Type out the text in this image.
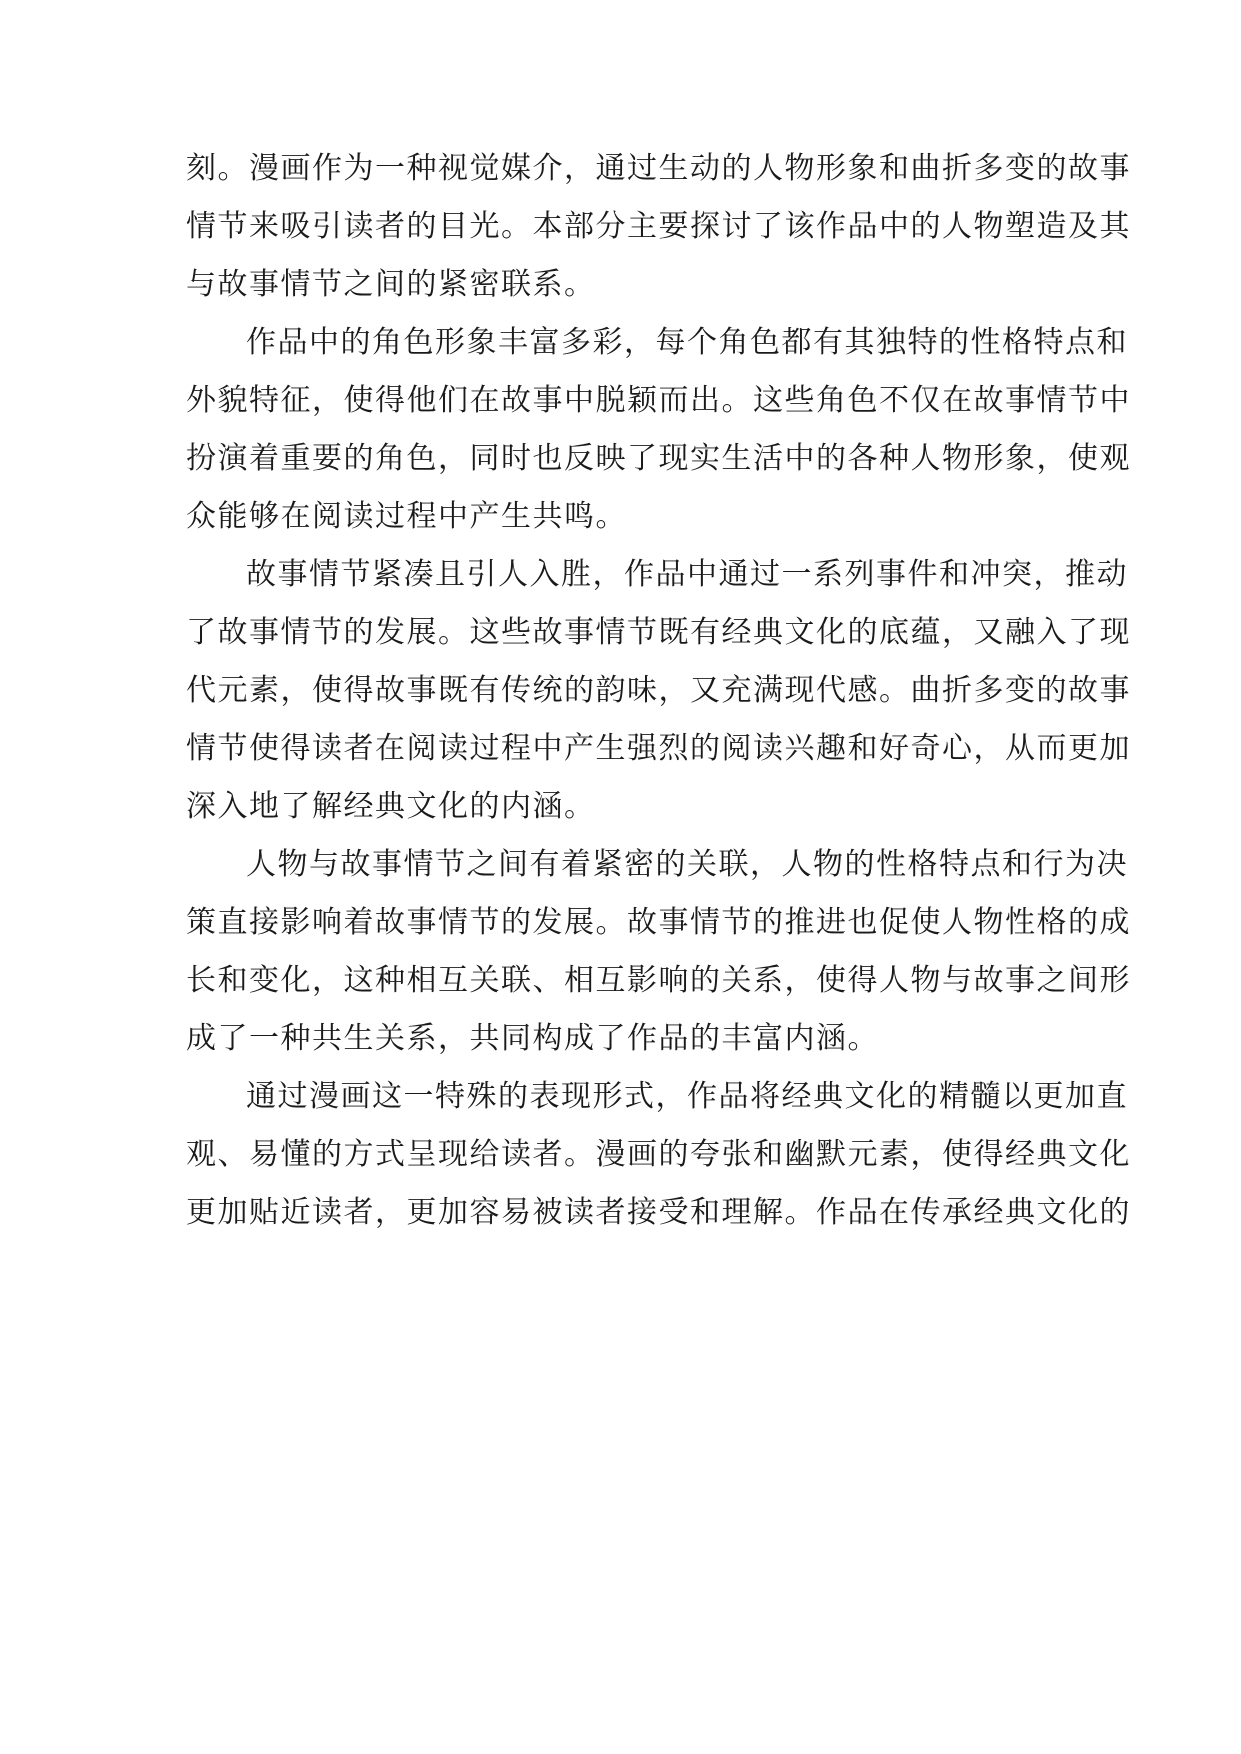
刻。漫画作为一种视觉媒介，通过生动的人物形象和曲折多变的故事
情节来吸引读者的目光。本部分主要探讨了该作品中的人物塑造及其
与故事情节之间的紧密联系。
作品中的角色形象丰富多彩，每个角色都有其独特的性格特点和
外貌特征，使得他们在故事中脱颖而出。这些角色不仅在故事情节中
扮演着重要的角色，同时也反映了现实生活中的各种人物形象，使观
众能够在阅读过程中产生共鸣。
故事情节紧凑且引人入胜，作品中通过一系列事件和冲突，推动
了故事情节的发展。这些故事情节既有经典文化的底蕴，又融入了现
代元素，使得故事既有传统的韵味，又充满现代感。曲折多变的故事
情节使得读者在阅读过程中产生强烈的阅读兴趣和好奇心，从而更加
深入地了解经典文化的内涵。
人物与故事情节之间有着紧密的关联，人物的性格特点和行为决
策直接影响着故事情节的发展。故事情节的推进也促使人物性格的成
长和变化，这种相互关联、相互影响的关系，使得人物与故事之间形
成了一种共生关系，共同构成了作品的丰富内涵。
通过漫画这一特殊的表现形式，作品将经典文化的精髓以更加直
观、易懂的方式呈现给读者。漫画的夸张和幽默元素，使得经典文化
更加贴近读者，更加容易被读者接受和理解。作品在传承经典文化的
